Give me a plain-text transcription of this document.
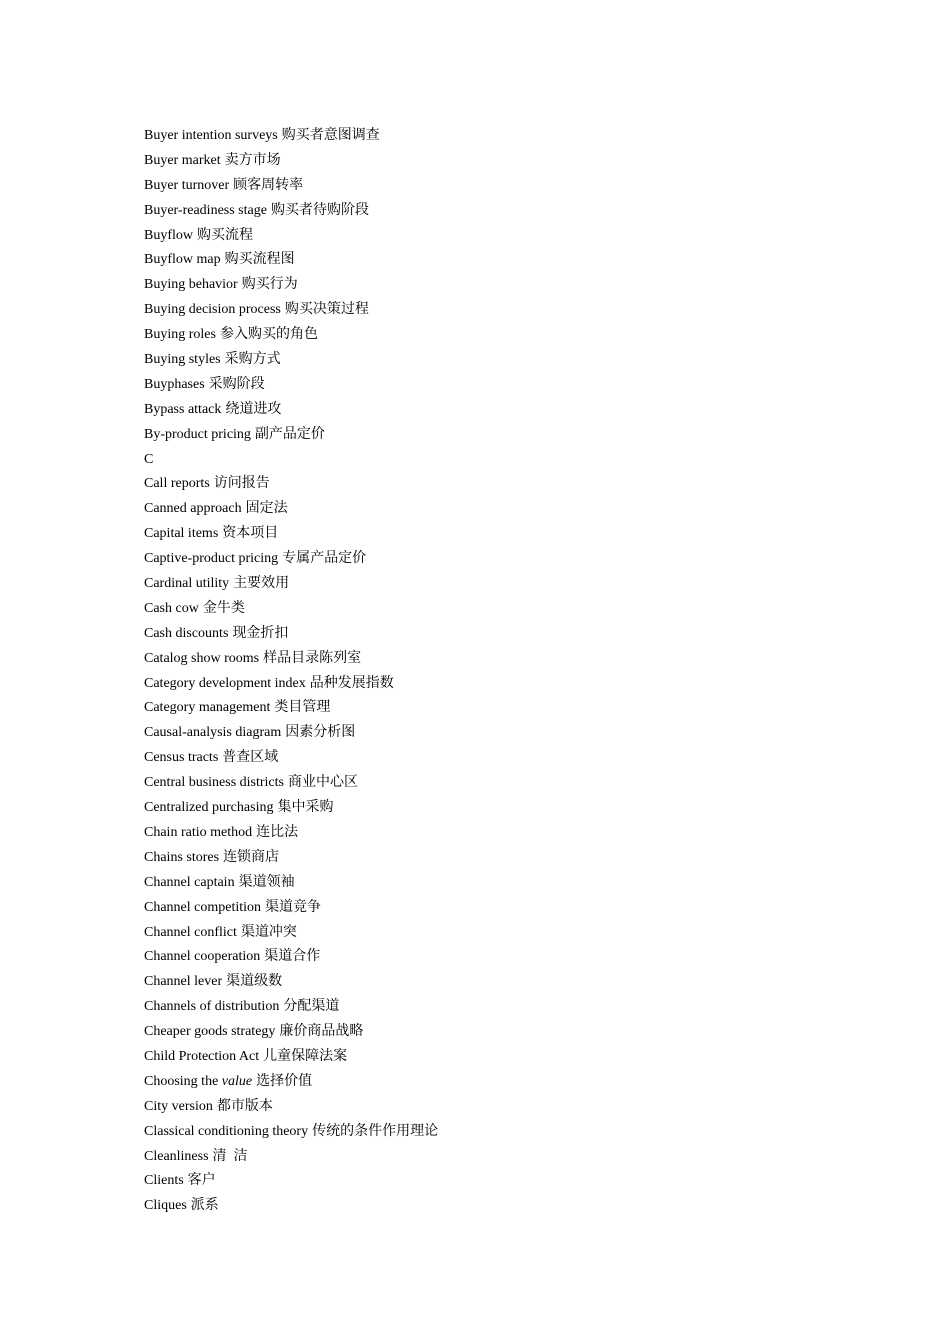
Buyer intention surveys 购买者意图调查
Buyer market 卖方市场
Buyer turnover 顾客周转率
Buyer-readiness stage 购买者待购阶段
Buyflow 购买流程
Buyflow map 购买流程图
Buying behavior 购买行为
Buying decision process 购买决策过程
Buying roles 参入购买的角色
Buying styles 采购方式
Buyphases 采购阶段
Bypass attack 绕道进攻
By-product pricing 副产品定价
C
Call reports 访问报告
Canned approach 固定法
Capital items 资本项目
Captive-product pricing 专属产品定价
Cardinal utility 主要效用
Cash cow 金牛类
Cash discounts 现金折扣
Catalog show rooms 样品目录陈列室
Category development index 品种发展指数
Category management 类目管理
Causal-analysis diagram 因素分析图
Census tracts 普查区域
Central business districts 商业中心区
Centralized purchasing 集中采购
Chain ratio method 连比法
Chains stores 连锁商店
Channel captain 渠道领袖
Channel competition 渠道竞争
Channel conflict 渠道冲突
Channel cooperation 渠道合作
Channel lever 渠道级数
Channels of distribution 分配渠道
Cheaper goods strategy 廉价商品战略
Child Protection Act 儿童保障法案
Choosing the value 选择价值
City version 都市版本
Classical conditioning theory 传统的条件作用理论
Cleanliness 清  洁
Clients 客户
Cliques 派系
